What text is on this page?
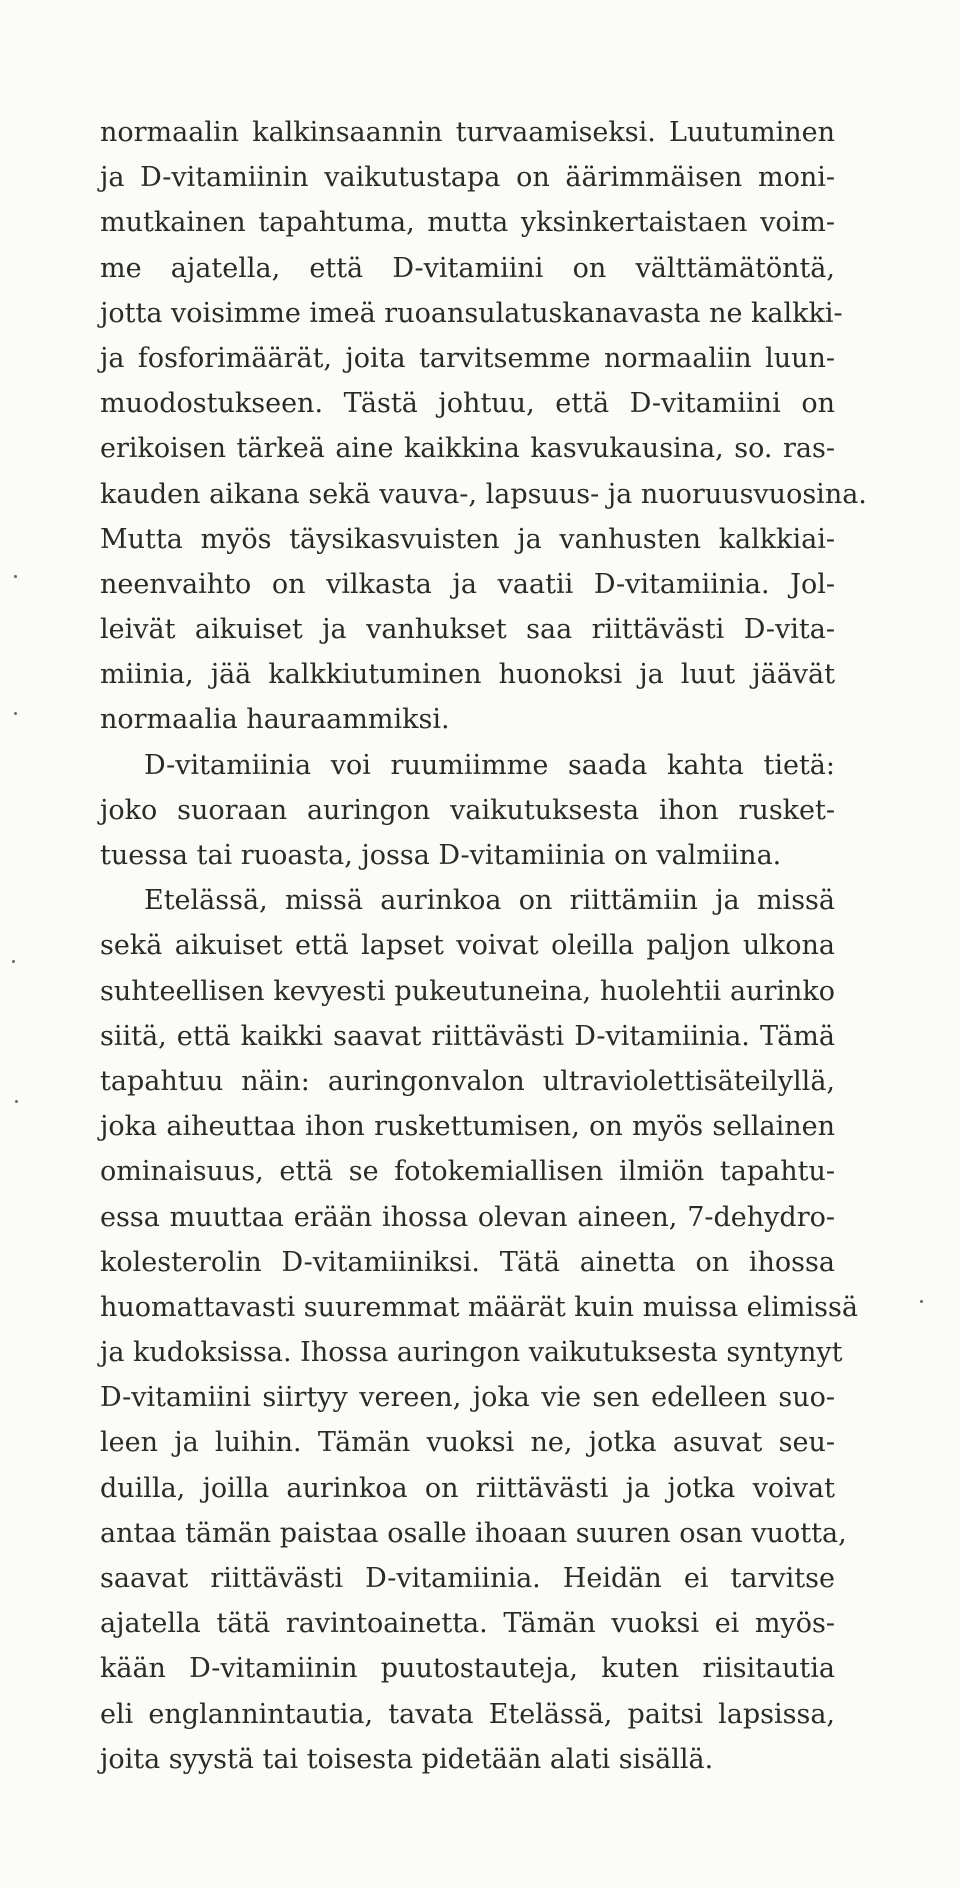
normaalin kalkinsaannin turvaamiseksi. Luutuminen
ja D-vitamiinin vaikutustapa on äärimmäisen moni-
mutkainen tapahtuma, mutta yksinkertaistaen voim-
me ajatella, että D-vitamiini on välttämätöntä,
jotta voisimme imeä ruoansulatuskanavasta ne kalkki-
ja fosforimäärät, joita tarvitsemme normaaliin luun-
muodostukseen. Tästä johtuu, että D-vitamiini on
erikoisen tärkeä aine kaikkina kasvukausina, so. ras-
kauden aikana sekä vauva-, lapsuus- ja nuoruusvuosina.
Mutta myös täysikasvuisten ja vanhusten kalkkiai-
neenvaihto on vilkasta ja vaatii D-vitamiinia. Jol-
leivät aikuiset ja vanhukset saa riittävästi D-vita-
miinia, jää kalkkiutuminen huonoksi ja luut jäävät
normaalia hauraammiksi.
D-vitamiinia voi ruumiimme saada kahta tietä:
joko suoraan auringon vaikutuksesta ihon rusket-
tuessa tai ruoasta, jossa D-vitamiinia on valmiina.
Etelässä, missä aurinkoa on riittämiin ja missä
sekä aikuiset että lapset voivat oleilla paljon ulkona
suhteellisen kevyesti pukeutuneina, huolehtii aurinko
siitä, että kaikki saavat riittävästi D-vitamiinia. Tämä
tapahtuu näin: auringonvalon ultraviolettisäteilyllä,
joka aiheuttaa ihon ruskettumisen, on myös sellainen
ominaisuus, että se fotokemiallisen ilmiön tapahtu-
essa muuttaa erään ihossa olevan aineen, 7-dehydro-
kolesterolin D-vitamiiniksi. Tätä ainetta on ihossa
huomattavasti suuremmat määrät kuin muissa elimissä
ja kudoksissa. Ihossa auringon vaikutuksesta syntynyt
D-vitamiini siirtyy vereen, joka vie sen edelleen suo-
leen ja luihin. Tämän vuoksi ne, jotka asuvat seu-
duilla, joilla aurinkoa on riittävästi ja jotka voivat
antaa tämän paistaa osalle ihoaan suuren osan vuotta,
saavat riittävästi D-vitamiinia. Heidän ei tarvitse
ajatella tätä ravintoainetta. Tämän vuoksi ei myös-
kään D-vitamiinin puutostauteja, kuten riisitautia
eli englannintautia, tavata Etelässä, paitsi lapsissa,
joita syystä tai toisesta pidetään alati sisällä.
